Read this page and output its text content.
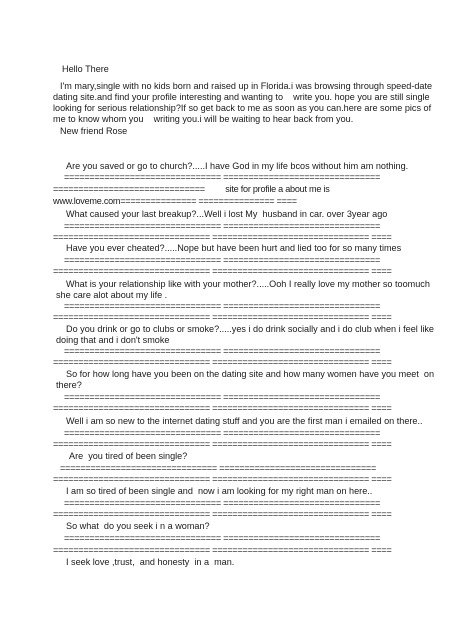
Hello There
I'm mary,single with no kids born and raised up in Florida.i was browsing through speed-date
dating site.and find your profile interesting and wanting to    write you. hope you are still single
looking for serious relationship?If so get back to me as soon as you can.here are some pics of
me to know whom you    writing you.i will be waiting to hear back from you.
New friend Rose
Are you saved or go to church?.....I have God in my life bcos without him am nothing.
=============================== ===============================
==============================         site for profile a about me is
www.loveme.com=============== =============== ====
What caused your last breakup?...Well i lost My  husband in car. over 3year ago
=============================== ===============================
=============================== =============================== ====
Have you ever cheated?.....Nope but have been hurt and lied too for so many times
=============================== ===============================
=============================== =============================== ====
What is your relationship like with your mother?.....Ooh I really love my mother so toomuch
she care alot about my life .
=============================== ===============================
=============================== =============================== ====
Do you drink or go to clubs or smoke?.....yes i do drink socially and i do club when i feel like
doing that and i don't smoke
=============================== ===============================
=============================== =============================== ====
So for how long have you been on the dating site and how many women have you meet  on
there?
=============================== ===============================
=============================== =============================== ====
Well i am so new to the internet dating stuff and you are the first man i emailed on there..
=============================== ===============================
=============================== =============================== ====
Are  you tired of been single?
=============================== ===============================
=============================== =============================== ====
I am so tired of been single and  now i am looking for my right man on here..
=============================== ===============================
=============================== =============================== ====
So what  do you seek i n a woman?
=============================== ===============================
=============================== =============================== ====
I seek love ,trust,  and honesty  in a  man.
